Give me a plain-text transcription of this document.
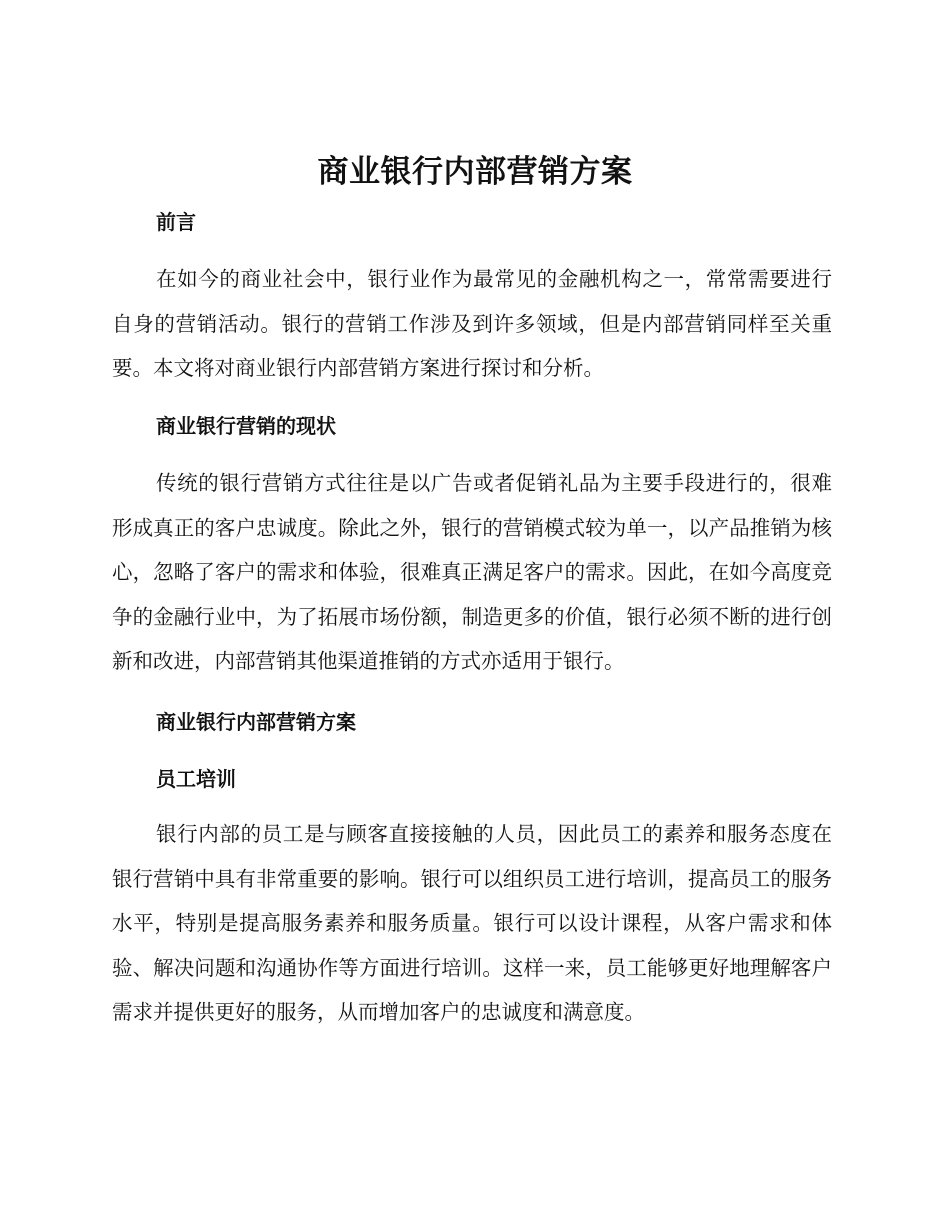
商业银行内部营销方案
前言

在如今的商业社会中，银行业作为最常见的金融机构之一，常常需要进行自身的营销活动。银行的营销工作涉及到许多领域，但是内部营销同样至关重要。本文将对商业银行内部营销方案进行探讨和分析。

商业银行营销的现状

传统的银行营销方式往往是以广告或者促销礼品为主要手段进行的，很难形成真正的客户忠诚度。除此之外，银行的营销模式较为单一，以产品推销为核心，忽略了客户的需求和体验，很难真正满足客户的需求。因此，在如今高度竞争的金融行业中，为了拓展市场份额，制造更多的价值，银行必须不断的进行创新和改进，内部营销其他渠道推销的方式亦适用于银行。

商业银行内部营销方案
员工培训

银行内部的员工是与顾客直接接触的人员，因此员工的素养和服务态度在银行营销中具有非常重要的影响。银行可以组织员工进行培训，提高员工的服务水平，特别是提高服务素养和服务质量。银行可以设计课程，从客户需求和体验、解决问题和沟通协作等方面进行培训。这样一来，员工能够更好地理解客户需求并提供更好的服务，从而增加客户的忠诚度和满意度。
